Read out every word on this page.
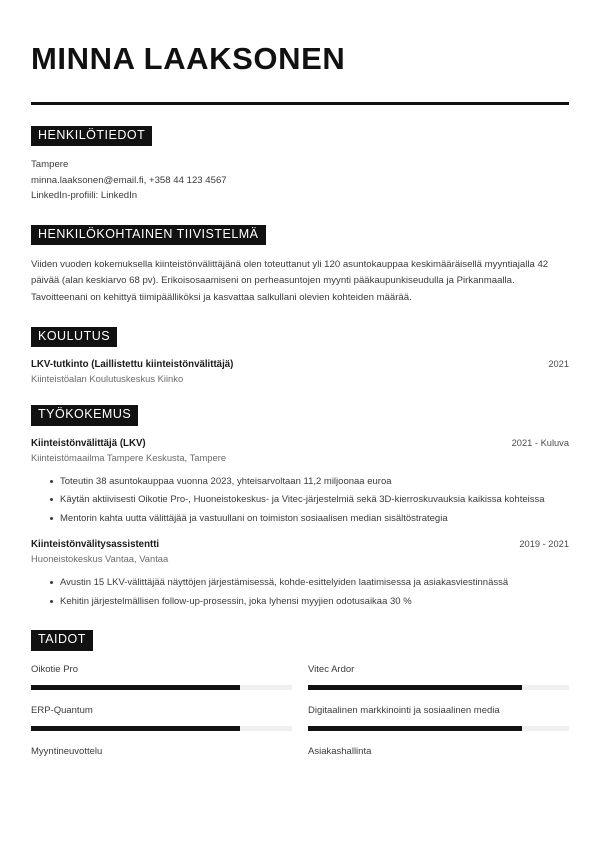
MINNA LAAKSONEN
HENKILÖTIEDOT
Tampere
minna.laaksonen@email.fi, +358 44 123 4567
LinkedIn-profiili: LinkedIn
HENKILÖKOHTAINEN TIIVISTELMÄ
Viiden vuoden kokemuksella kiinteistönvälittäjänä olen toteuttanut yli 120 asuntokauppaa keskimääräisellä myyntiajalla 42 päivää (alan keskiarvo 68 pv). Erikoisosaamiseni on perheasuntojen myynti pääkaupunkiseudulla ja Pirkanmaalla. Tavoitteenani on kehittyä tiimipäälliköksi ja kasvattaa salkullani olevien kohteiden määrää.
KOULUTUS
LKV-tutkinto (Laillistettu kiinteistönvälittäjä)	2021
Kiinteistöalan Koulutuskeskus Kiinko
TYÖKOKEMUS
Kiinteistönvälittäjä (LKV)	2021 - Kuluva
Kiinteistömaailma Tampere Keskusta, Tampere
Toteutin 38 asuntokauppaa vuonna 2023, yhteisarvoltaan 11,2 miljoonaa euroa
Käytän aktiivisesti Oikotie Pro-, Huoneistokeskus- ja Vitec-järjestelmiä sekä 3D-kierroskuvauksia kaikissa kohteissa
Mentorin kahta uutta välittäjää ja vastuullani on toimiston sosiaalisen median sisältöstrategia
Kiinteistönvälitysassistentti	2019 - 2021
Huoneistokeskus Vantaa, Vantaa
Avustin 15 LKV-välittäjää näyttöjen järjestämisessä, kohde-esittelyiden laatimisessa ja asiakasviestinnässä
Kehitin järjestelmällisen follow-up-prosessin, joka lyhensi myyjien odotusaikaa 30 %
TAIDOT
Oikotie Pro	Vitec Ardor
ERP-Quantum	Digitaalinen markkinointi ja sosiaalinen media
Myyntineuvottelu	Asiakashallinta
